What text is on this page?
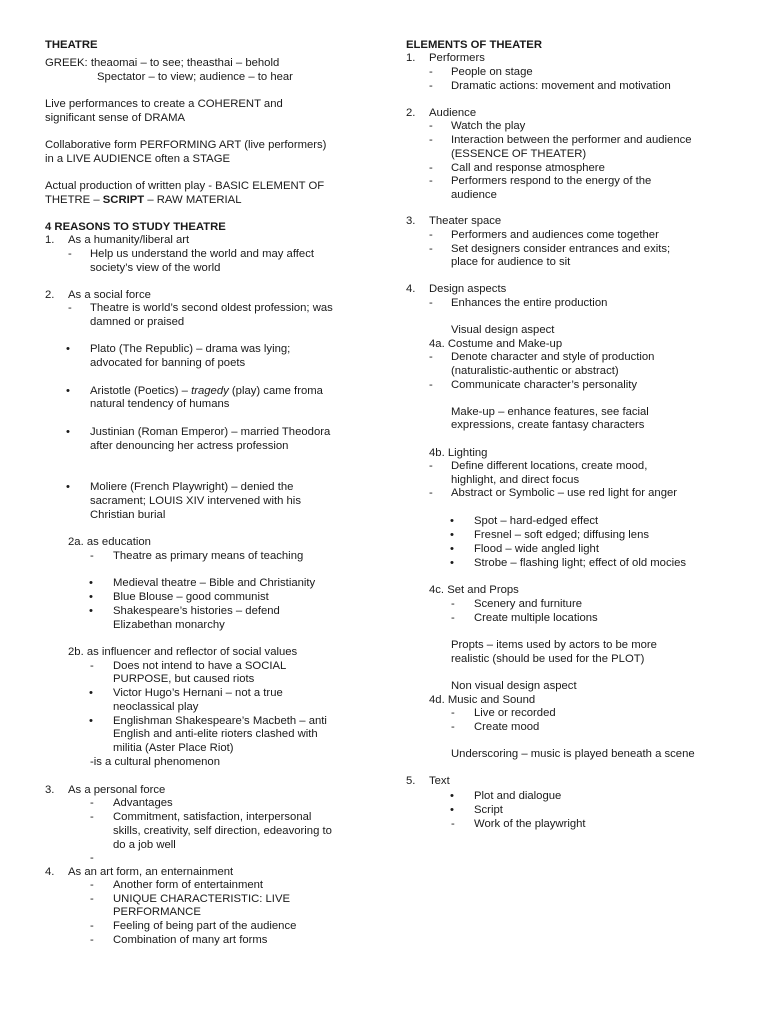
THEATRE
GREEK: theaomai – to see; theasthai – behold
Spectator – to view; audience – to hear
Live performances to create a COHERENT and
significant sense of DRAMA
Collaborative form PERFORMING ART (live performers)
in a LIVE AUDIENCE often a STAGE
Actual production of written play - BASIC ELEMENT OF
THETRE – SCRIPT – RAW MATERIAL
4 REASONS TO STUDY THEATRE
1. As a humanity/liberal art
- Help us understand the world and may affect
society’s view of the world
2. As a social force
- Theatre is world’s second oldest profession; was
damned or praised
• Plato (The Republic) – drama was lying;
advocated for banning of poets
• Aristotle (Poetics) – tragedy (play) came froma
natural tendency of humans
• Justinian (Roman Emperor) – married Theodora
after denouncing her actress profession
• Moliere (French Playwright) – denied the
sacrament; LOUIS XIV intervened with his
Christian burial
2a. as education
- Theatre as primary means of teaching
• Medieval theatre – Bible and Christianity
• Blue Blouse – good communist
• Shakespeare’s histories – defend
Elizabethan monarchy
2b. as influencer and reflector of social values
- Does not intend to have a SOCIAL
PURPOSE, but caused riots
• Victor Hugo’s Hernani – not a true
neoclassical play
• Englishman Shakespeare’s Macbeth – anti
English and anti-elite rioters clashed with
militia (Aster Place Riot)
-is a cultural phenomenon
3. As a personal force
- Advantages
- Commitment, satisfaction, interpersonal
skills, creativity, self direction, edeavoring to
do a job well
-
4. As an art form, an enternainment
- Another form of entertainment
- UNIQUE CHARACTERISTIC: LIVE
PERFORMANCE
- Feeling of being part of the audience
- Combination of many art forms
ELEMENTS OF THEATER
1. Performers
- People on stage
- Dramatic actions: movement and motivation
2. Audience
- Watch the play
- Interaction between the performer and audience
(ESSENCE OF THEATER)
- Call and response atmosphere
- Performers respond to the energy of the
audience
3. Theater space
- Performers and audiences come together
- Set designers consider entrances and exits;
place for audience to sit
4. Design aspects
- Enhances the entire production
Visual design aspect
4a. Costume and Make-up
- Denote character and style of production
(naturalistic-authentic or abstract)
- Communicate character’s personality
Make-up – enhance features, see facial
expressions, create fantasy characters
4b. Lighting
- Define different locations, create mood,
highlight, and direct focus
- Abstract or Symbolic – use red light for anger
• Spot – hard-edged effect
• Fresnel – soft edged; diffusing lens
• Flood – wide angled light
• Strobe – flashing light; effect of old mocies
4c. Set and Props
- Scenery and furniture
- Create multiple locations
Propts – items used by actors to be more
realistic (should be used for the PLOT)
Non visual design aspect
4d. Music and Sound
- Live or recorded
- Create mood
Underscoring – music is played beneath a scene
5. Text
• Plot and dialogue
• Script
- Work of the playwright
